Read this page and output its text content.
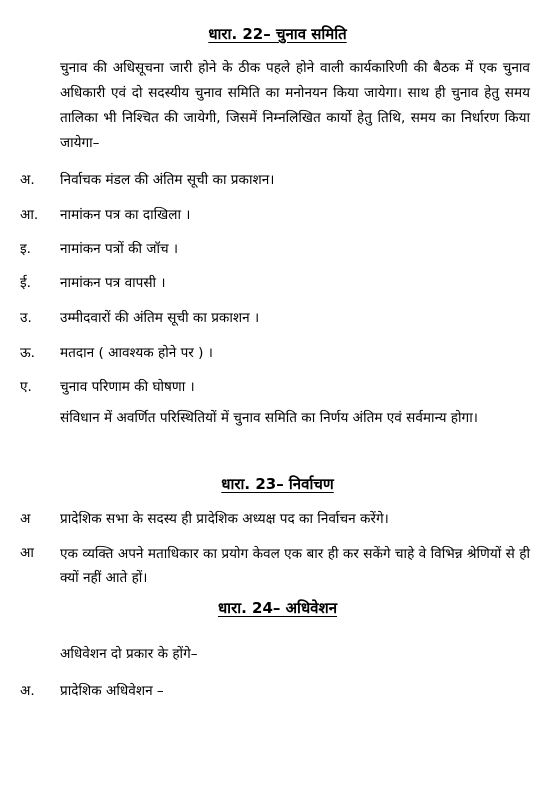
धारा. 22– चुनाव समिति

चुनाव की अधिसूचना जारी होने के ठीक पहले होने वाली कार्यकारिणी की बैठक में एक चुनाव अधिकारी एवं दो सदस्यीय चुनाव समिति का मनोनयन किया जायेगा। साथ ही चुनाव हेतु समय तालिका भी निश्चित की जायेगी, जिसमें निम्नलिखित कार्यो हेतु तिथि, समय का निर्धारण किया जायेगा–

अ. निर्वाचक मंडल की अंतिम सूची का प्रकाशन।
आ. नामांकन पत्र का दाखिला ।
इ. नामांकन पत्रों की जॉच ।
ई. नामांकन पत्र वापसी ।
उ. उम्मीदवारों की अंतिम सूची का प्रकाशन ।
ऊ. मतदान ( आवश्यक होने पर ) ।
ए. चुनाव परिणाम की घोषणा ।

संविधान में अवर्णित परिस्थितियों में चुनाव समिति का निर्णय अंतिम एवं सर्वमान्य होगा।

धारा. 23– निर्वाचण
अ प्रादेशिक सभा के सदस्य ही प्रादेशिक अध्यक्ष पद का निर्वाचन करेंगे।
आ एक व्यक्ति अपने मताधिकार का प्रयोग केवल एक बार ही कर सकेंगे चाहे वे विभिन्न श्रेणियों से ही क्यों नहीं आते हों।
धारा. 24– अधिवेशन

अधिवेशन दो प्रकार के होंगे–

अ. प्रादेशिक अधिवेशन –
